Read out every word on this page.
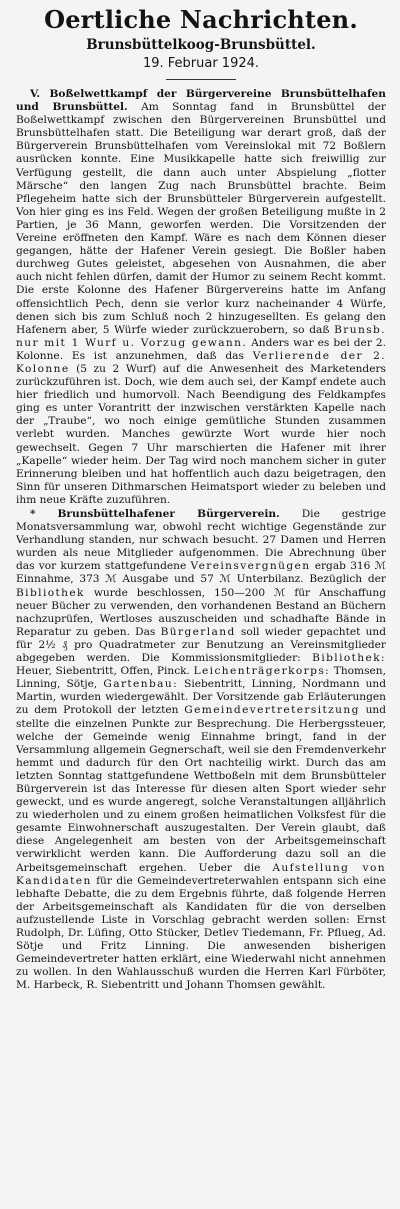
Oertliche Nachrichten.
Brunsbüttelkoog-Brunsbüttel.
19. Februar 1924.

V. Boßelwettkampf der Bürgervereine Brunsbüttelhafen und Brunsbüttel. Am Sonntag fand in Brunsbüttel der Boßelwettkampf zwischen den Bürgervereinen Brunsbüttel und Brunsbüttelhafen statt. Die Beteiligung war derart groß, daß der Bürgerverein Brunsbüttelhafen vom Vereinslokal mit 72 Boßlern ausrücken konnte. Eine Musikkapelle hatte sich freiwillig zur Verfügung gestellt, die dann auch unter Abspielung „flotter Märsche“ den langen Zug nach Brunsbüttel brachte. Beim Pflegeheim hatte sich der Brunsbütteler Bürgerverein aufgestellt. Von hier ging es ins Feld. Wegen der großen Beteiligung mußte in 2 Partien, je 36 Mann, geworfen werden. Die Vorsitzenden der Vereine eröffneten den Kampf. Wäre es nach dem Können dieser gegangen, hätte der Hafener Verein gesiegt. Die Boßler haben durchweg Gutes geleistet, abgesehen von Ausnahmen, die aber auch nicht fehlen dürfen, damit der Humor zu seinem Recht kommt. Die erste Kolonne des Hafener Bürgervereins hatte im Anfang offensichtlich Pech, denn sie verlor kurz nacheinander 4 Würfe, denen sich bis zum Schluß noch 2 hinzugesellten. Es gelang den Hafenern aber, 5 Würfe wieder zurückzuerobern, so daß Brunsb. nur mit 1 Wurf u. Vorzug gewann. Anders war es bei der 2. Kolonne. Es ist anzunehmen, daß das Verlierende der 2. Kolonne (5 zu 2 Wurf) auf die Anwesenheit des Marketenders zurückzuführen ist. Doch, wie dem auch sei, der Kampf endete auch hier friedlich und humorvoll. Nach Beendigung des Feldkampfes ging es unter Vorantritt der inzwischen verstärkten Kapelle nach der „Traube“, wo noch einige gemütliche Stunden zusammen verlebt wurden. Manches gewürzte Wort wurde hier noch gewechselt. Gegen 7 Uhr marschierten die Hafener mit ihrer „Kapelle“ wieder heim. Der Tag wird noch manchem sicher in guter Erinnerung bleiben und hat hoffentlich auch dazu beigetragen, den Sinn für unseren Dithmarschen Heimatsport wieder zu beleben und ihm neue Kräfte zuzuführen.

* Brunsbüttelhafener Bürgerverein. Die gestrige Monatsversammlung war, obwohl recht wichtige Gegenstände zur Verhandlung standen, nur schwach besucht. 27 Damen und Herren wurden als neue Mitglieder aufgenommen. Die Abrechnung über das vor kurzem stattgefundene Vereinsvergnügen ergab 316 ℳ Einnahme, 373 ℳ Ausgabe und 57 ℳ Unterbilanz. Bezüglich der Bibliothek wurde beschlossen, 150—200 ℳ für Anschaffung neuer Bücher zu verwenden, den vorhandenen Bestand an Büchern nachzuprüfen, Wertloses auszuscheiden und schadhafte Bände in Reparatur zu geben. Das Bürgerland soll wieder gepachtet und für 2½ ₰ pro Quadratmeter zur Benutzung an Vereinsmitglieder abgegeben werden. Die Kommissionsmitglieder: Bibliothek: Heuer, Siebentritt, Offen, Pinck. Leichenträgerkorps: Thomsen, Linning, Sötje, Gartenbau: Siebentritt, Linning, Nordmann und Martin, wurden wiedergewählt. Der Vorsitzende gab Erläuterungen zu dem Protokoll der letzten Gemeindevertretersitzung und stellte die einzelnen Punkte zur Besprechung. Die Herbergssteuer, welche der Gemeinde wenig Einnahme bringt, fand in der Versammlung allgemein Gegnerschaft, weil sie den Fremdenverkehr hemmt und dadurch für den Ort nachteilig wirkt. Durch das am letzten Sonntag stattgefundene Wettboßeln mit dem Brunsbütteler Bürgerverein ist das Interesse für diesen alten Sport wieder sehr geweckt, und es wurde angeregt, solche Veranstaltungen alljährlich zu wiederholen und zu einem großen heimatlichen Volksfest für die gesamte Einwohnerschaft auszugestalten. Der Verein glaubt, daß diese Angelegenheit am besten von der Arbeitsgemeinschaft verwirklicht werden kann. Die Aufforderung dazu soll an die Arbeitsgemeinschaft ergehen. Ueber die Aufstellung von Kandidaten für die Gemeindevertreterwahlen entspann sich eine lebhafte Debatte, die zu dem Ergebnis führte, daß folgende Herren der Arbeitsgemeinschaft als Kandidaten für die von derselben aufzustellende Liste in Vorschlag gebracht werden sollen: Ernst Rudolph, Dr. Lüfing, Otto Stücker, Detlev Tiedemann, Fr. Pflueg, Ad. Sötje und Fritz Linning. Die anwesenden bisherigen Gemeindevertreter hatten erklärt, eine Wiederwahl nicht annehmen zu wollen. In den Wahlausschuß wurden die Herren Karl Fürböter, M. Harbeck, R. Siebentritt und Johann Thomsen gewählt.
